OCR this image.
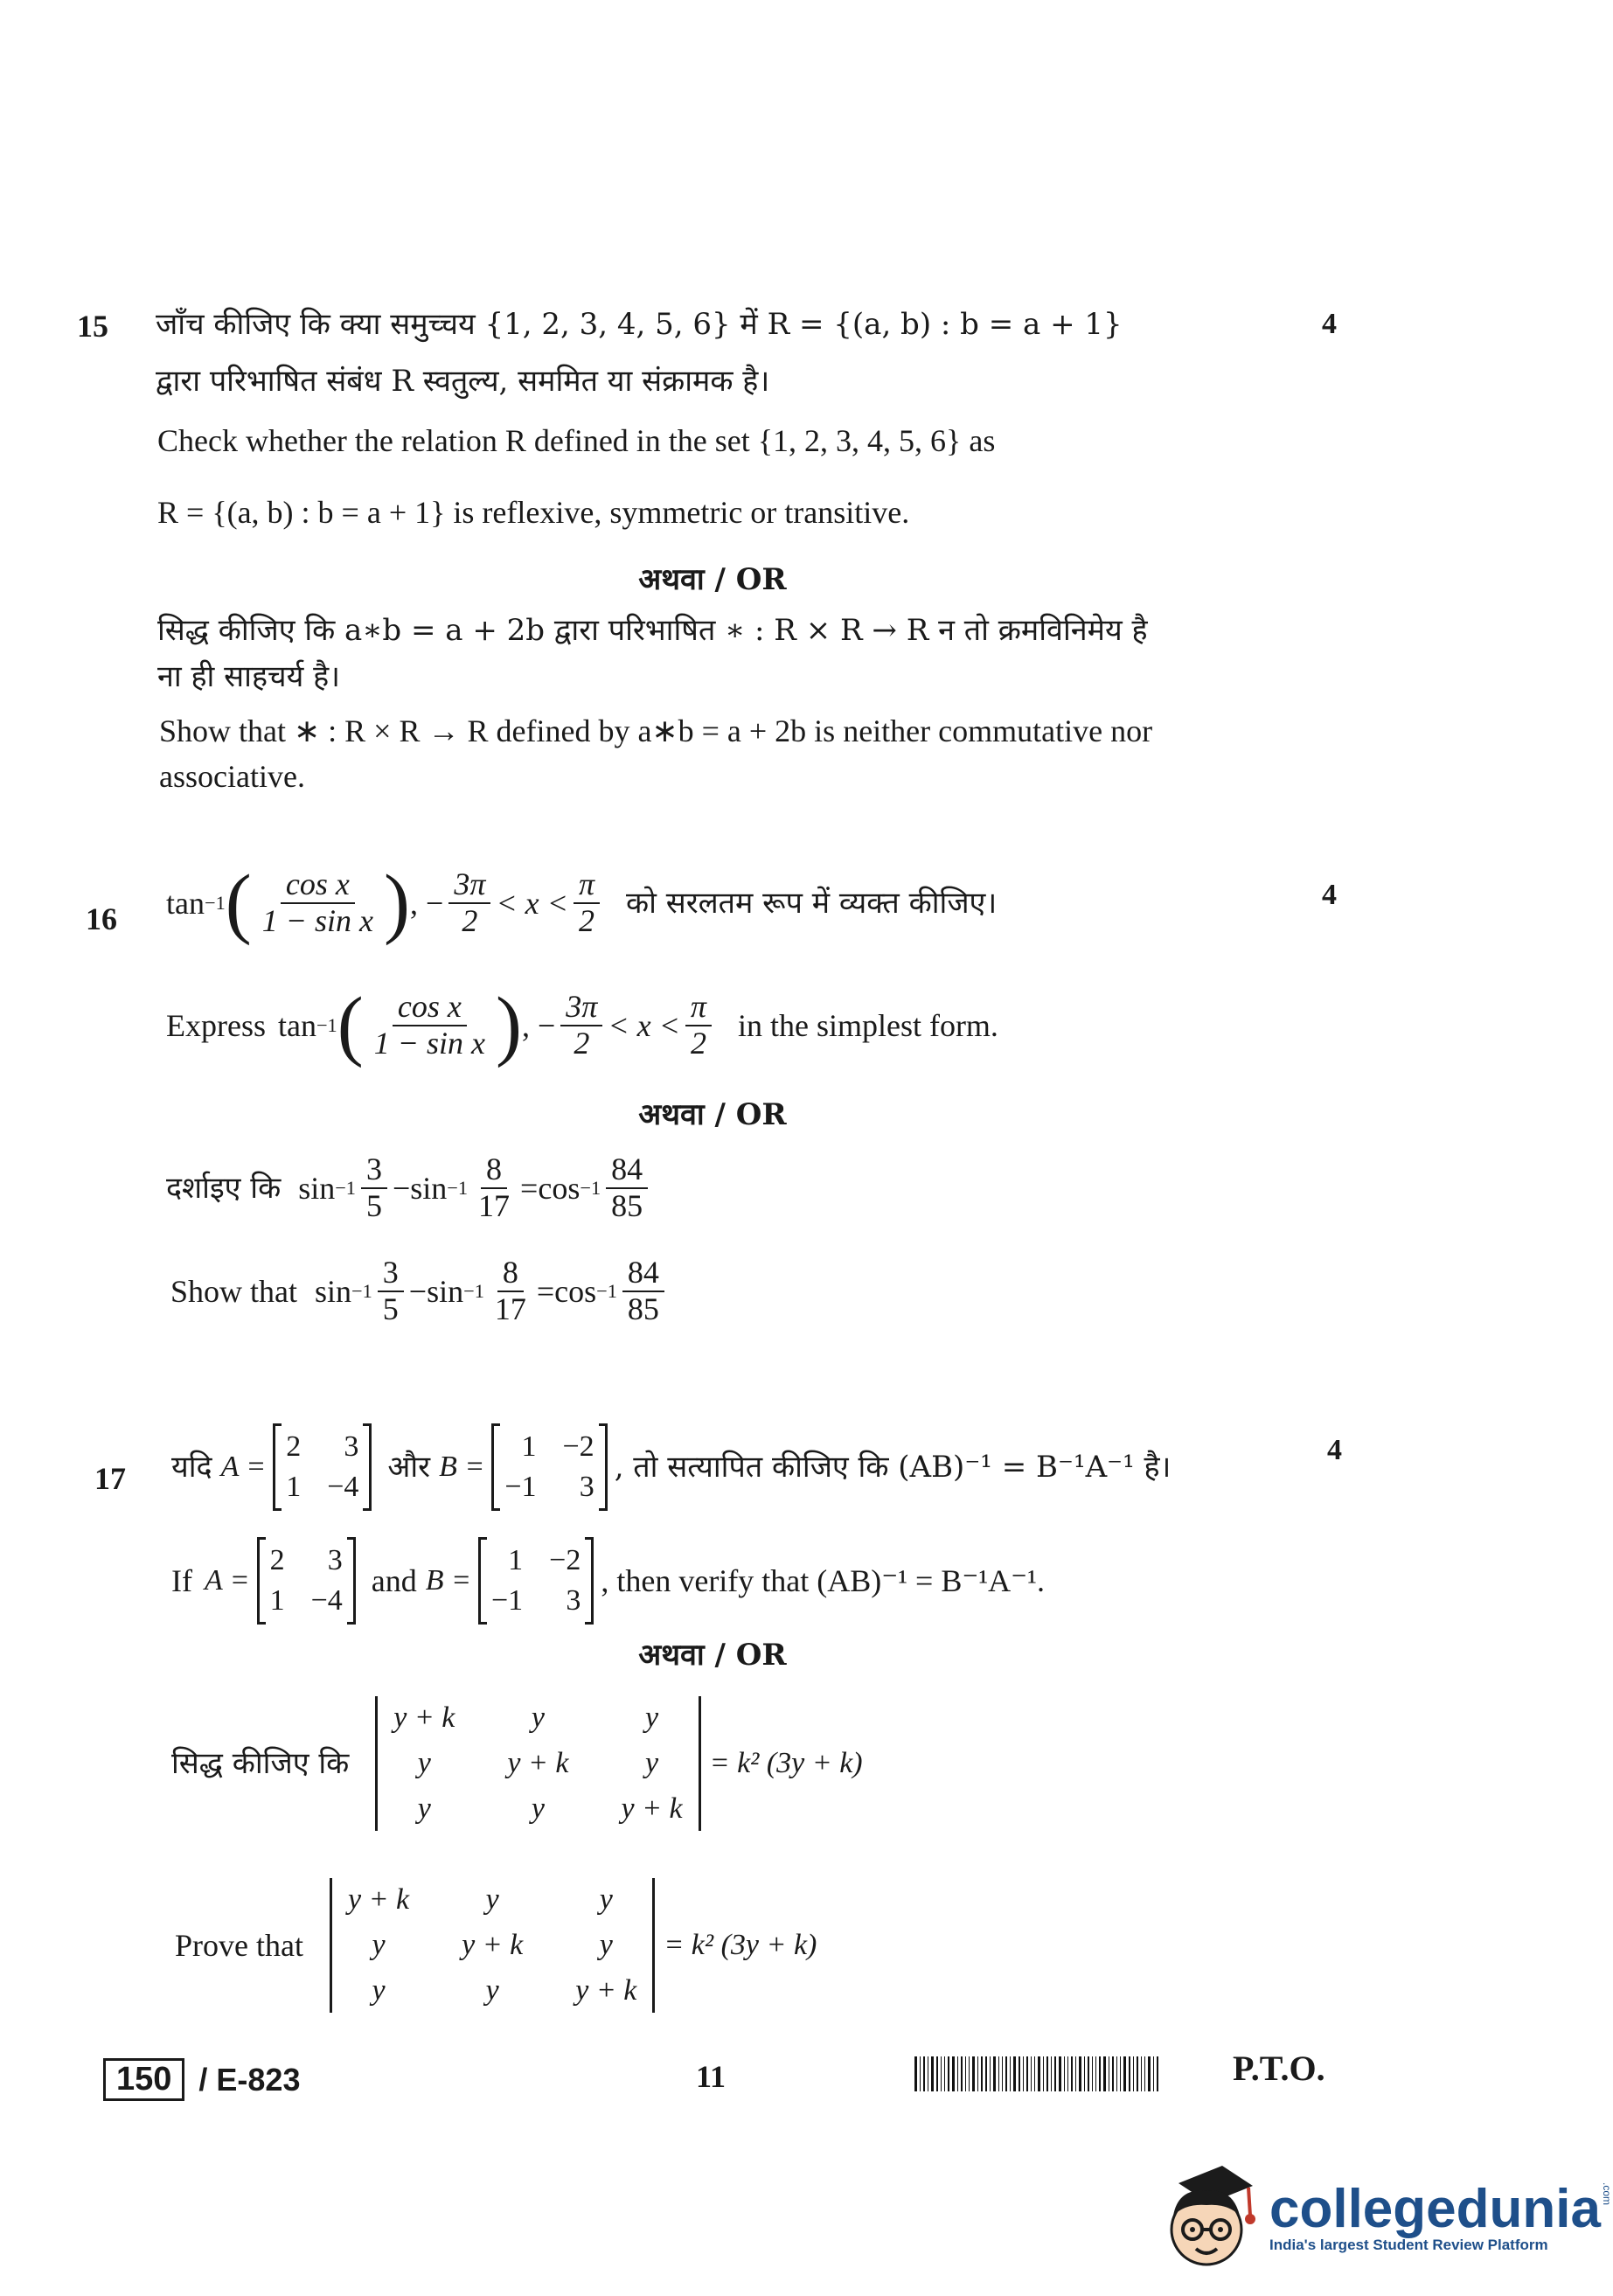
15	4
जाँच कीजिए कि क्या समुच्चय {1, 2, 3, 4, 5, 6} में R = {(a, b) : b = a + 1}
द्वारा परिभाषित संबंध R स्वतुल्य, सममित या संक्रामक है।
Check whether the relation R defined in the set {1, 2, 3, 4, 5, 6} as
R = {(a, b) : b = a + 1} is reflexive, symmetric or transitive.
अथवा / OR
सिद्ध कीजिए कि a∗b = a + 2b द्वारा परिभाषित ∗ : R × R → R न तो क्रमविनिमेय है
ना ही साहचर्य है।
Show that ∗ : R × R → R defined by a∗b = a + 2b is neither commutative nor
associative.
16
4
tan −1 ( $\frac{\text{cos x}}{\text{1 − sin x}}$ ) , − $\frac{3\pi}{2} < x < \frac{\pi}{2}$ को सरलतम रूप में व्यक्त कीजिए।
Express tan −1 ( $\frac{\text{cos x}}{\text{1 − sin x}}$ ) , − $\frac{3\pi}{2} < x < \frac{\pi}{2}$ in the simplest form.
अथवा / OR
दर्शाइए कि $\sin -1 \frac{3}{5} - \sin -1 \frac{8}{17} = \cos -1 \frac{84}{85}$
Show that $\sin -1 \frac{3}{5} - \sin -1 \frac{8}{17} = \cos -1 \frac{84}{85}$
17
4
यदि A =
2	3
1 −4
और B =
1 −2
−1	3
, तो सत्यापित कीजिए कि (AB)⁻¹ = B⁻¹A⁻¹ है।
If A =
2	3
1 −4
and B =
1 −2
−1	3
, then verify that (AB)⁻¹ = B⁻¹A⁻¹.
अथवा / OR
सिद्ध कीजिए कि
y + k	y	y
y	y + k	y
y	y	y + k
= k² (3y + k)
Prove that
y + k	y	y
y	y + k	y
y	y	y + k
= k² (3y + k)
150 / E-823	11	P.T.O.
collegedunia .com
India's largest Student Review Platform
